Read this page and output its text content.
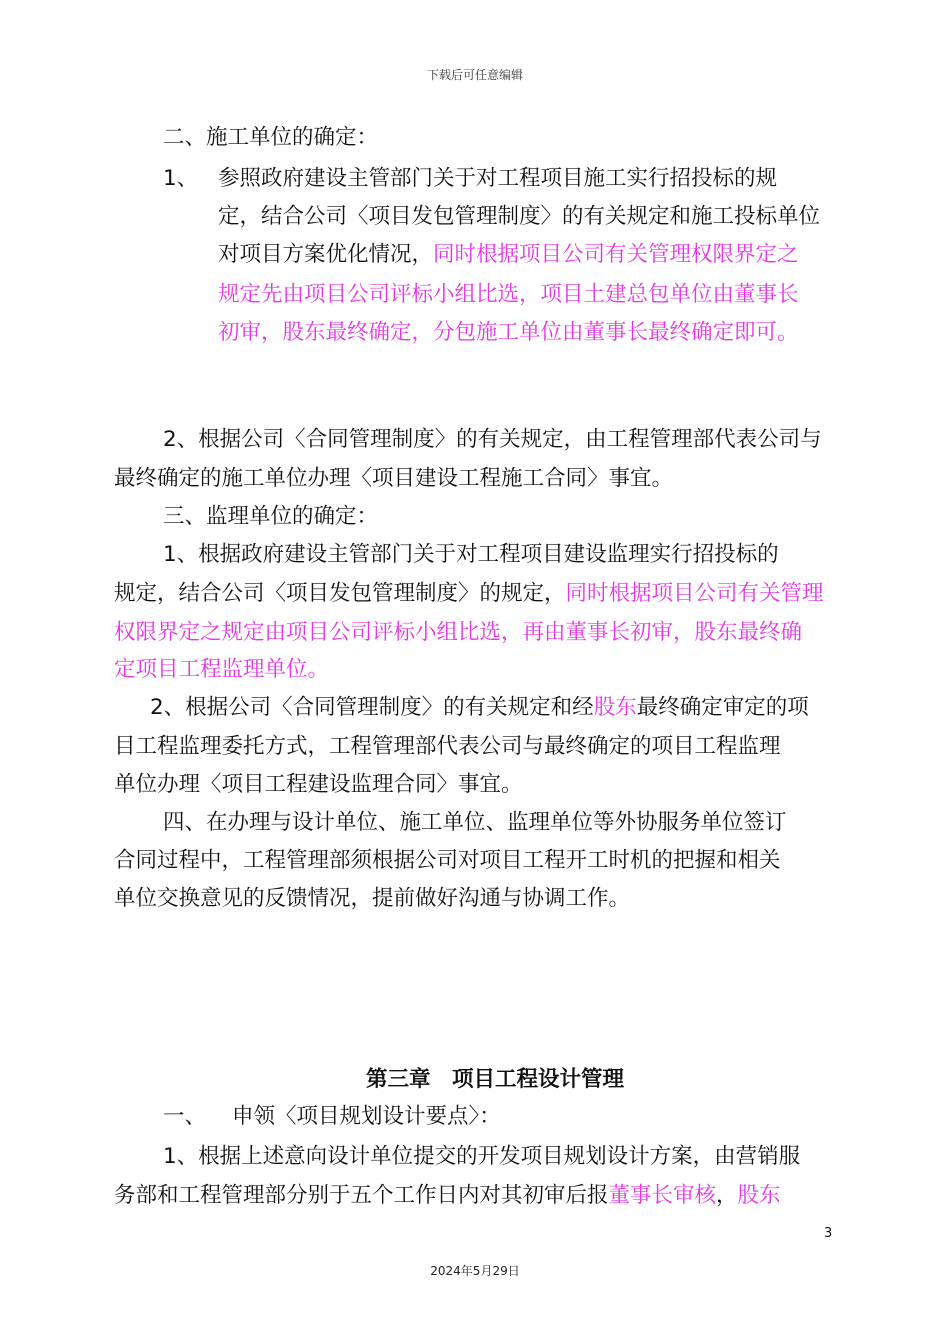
下载后可任意编辑
二、施工单位的确定：
1、 参照政府建设主管部门关于对工程项目施工实行招投标的规
定，结合公司〈项目发包管理制度〉的有关规定和施工投标单位
对项目方案优化情况，同时根据项目公司有关管理权限界定之
规定先由项目公司评标小组比选，项目土建总包单位由董事长
初审，股东最终确定，分包施工单位由董事长最终确定即可。
2、根据公司〈合同管理制度〉的有关规定，由工程管理部代表公司与
最终确定的施工单位办理〈项目建设工程施工合同〉事宜。
三、监理单位的确定：
1、根据政府建设主管部门关于对工程项目建设监理实行招投标的
规定，结合公司〈项目发包管理制度〉的规定，同时根据项目公司有关管理
权限界定之规定由项目公司评标小组比选，再由董事长初审，股东最终确
定项目工程监理单位。
2、根据公司〈合同管理制度〉的有关规定和经股东最终确定审定的项
目工程监理委托方式，工程管理部代表公司与最终确定的项目工程监理
单位办理〈项目工程建设监理合同〉事宜。
四、在办理与设计单位、施工单位、监理单位等外协服务单位签订
合同过程中，工程管理部须根据公司对项目工程开工时机的把握和相关
单位交换意见的反馈情况，提前做好沟通与协调工作。
一、 申领〈项目规划设计要点〉：
1、根据上述意向设计单位提交的开发项目规划设计方案，由营销服
务部和工程管理部分别于五个工作日内对其初审后报董事长审核，股东
第三章　项目工程设计管理
3
2024年5月29日
